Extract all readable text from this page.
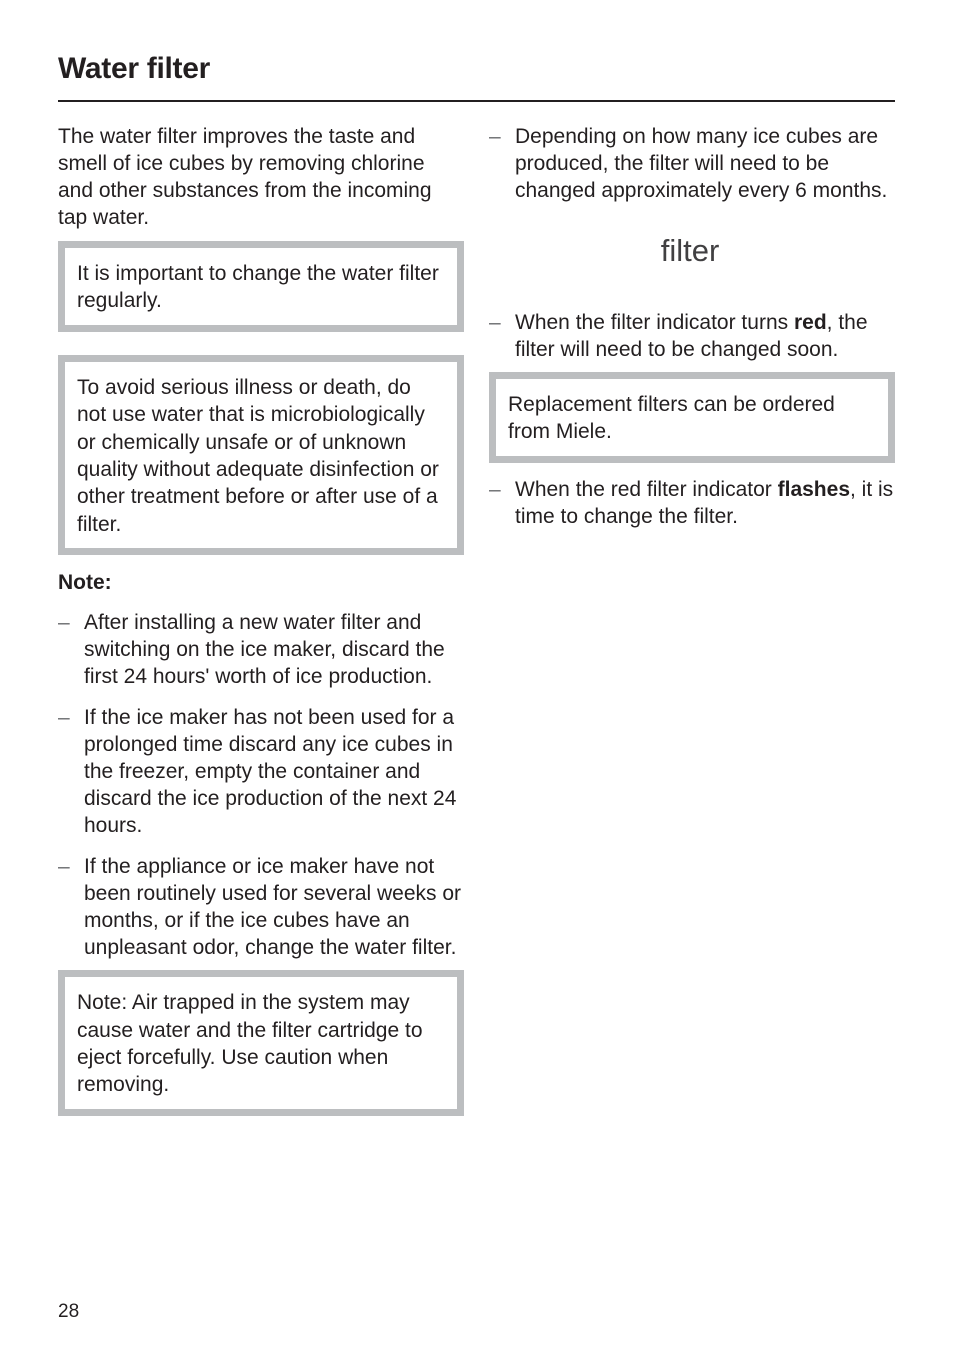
Water filter

The water filter improves the taste and smell of ice cubes by removing chlorine and other substances from the incoming tap water.

It is important to change the water filter regularly.

To avoid serious illness or death, do not use water that is microbiologically or chemically unsafe or of unknown quality without adequate disinfection or other treatment before or after use of a filter.

Note:

– After installing a new water filter and switching on the ice maker, discard the first 24 hours' worth of ice production.

– If the ice maker has not been used for a prolonged time discard any ice cubes in the freezer, empty the container and discard the ice production of the next 24 hours.

– If the appliance or ice maker have not been routinely used for several weeks or months, or if the ice cubes have an unpleasant odor, change the water filter.

Note: Air trapped in the system may cause water and the filter cartridge to eject forcefully. Use caution when removing.

– Depending on how many ice cubes are produced, the filter will need to be changed approximately every 6 months.

filter
– When the filter indicator turns red, the filter will need to be changed soon.

Replacement filters can be ordered from Miele.

– When the red filter indicator flashes, it is time to change the filter.

28
